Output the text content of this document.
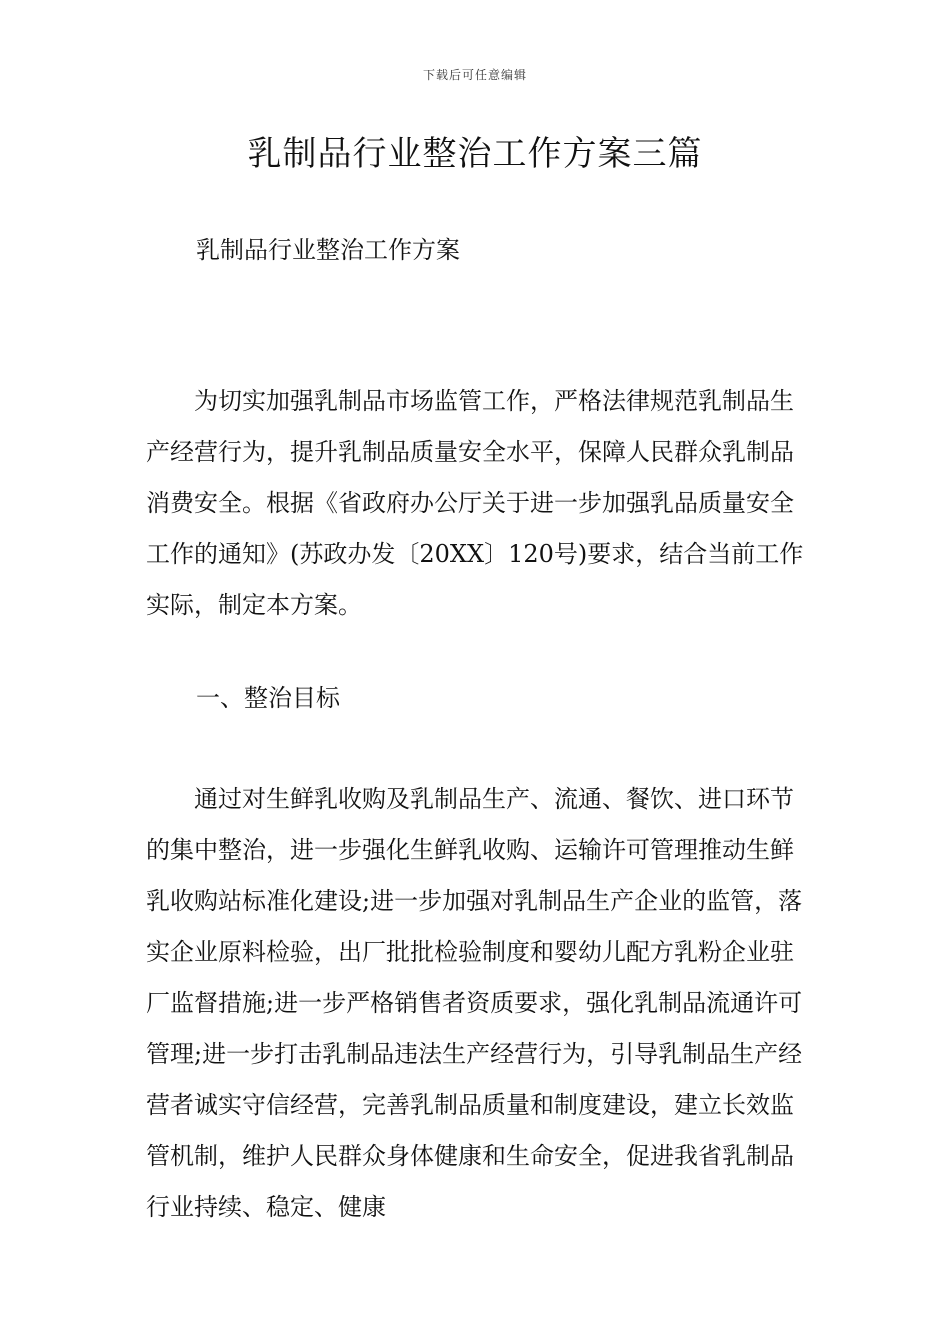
下载后可任意编辑
乳制品行业整治工作方案三篇

乳制品行业整治工作方案

为切实加强乳制品市场监管工作，严格法律规范乳制品生产经营行为，提升乳制品质量安全水平，保障人民群众乳制品消费安全。根据《省政府办公厅关于进一步加强乳品质量安全工作的通知》(苏政办发〔20XX〕120号)要求，结合当前工作实际，制定本方案。

一、整治目标

通过对生鲜乳收购及乳制品生产、流通、餐饮、进口环节的集中整治，进一步强化生鲜乳收购、运输许可管理推动生鲜乳收购站标准化建设;进一步加强对乳制品生产企业的监管，落实企业原料检验，出厂批批检验制度和婴幼儿配方乳粉企业驻厂监督措施;进一步严格销售者资质要求，强化乳制品流通许可管理;进一步打击乳制品违法生产经营行为，引导乳制品生产经营者诚实守信经营，完善乳制品质量和制度建设，建立长效监管机制，维护人民群众身体健康和生命安全，促进我省乳制品行业持续、稳定、健康
